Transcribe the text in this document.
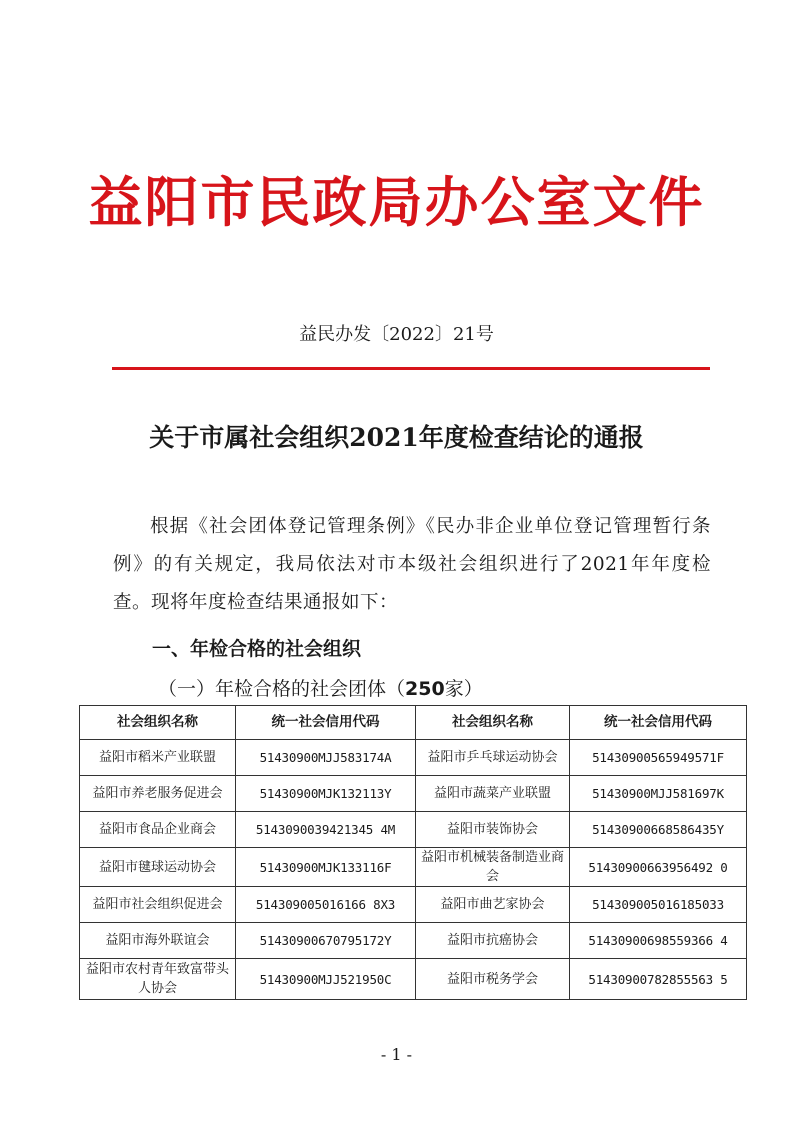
益阳市民政局办公室文件
益民办发〔2022〕21号
关于市属社会组织2021年度检查结论的通报
根据《社会团体登记管理条例》《民办非企业单位登记管理暂行条例》的有关规定，我局依法对市本级社会组织进行了2021年年度检查。现将年度检查结果通报如下：
一、年检合格的社会组织
（一）年检合格的社会团体（250家）
社会组织名称	统一社会信用代码	社会组织名称	统一社会信用代码
益阳市稻米产业联盟	51430900MJJ583174A	益阳市乒乓球运动协会	51430900565949571F
益阳市养老服务促进会	51430900MJK132113Y	益阳市蔬菜产业联盟	51430900MJJ581697K
益阳市食品企业商会	5143090039421345 4M	益阳市装饰协会	51430900668586435Y
益阳市毽球运动协会	51430900MJK133116F	益阳市机械装备制造业商会	51430900663956492 0
益阳市社会组织促进会	514309005016166 8X3	益阳市曲艺家协会	514309005016185033
益阳市海外联谊会	51430900670795172Y	益阳市抗癌协会	51430900698559366 4
益阳市农村青年致富带头人协会	51430900MJJ521950C	益阳市税务学会	51430900782855563 5
- 1 -
